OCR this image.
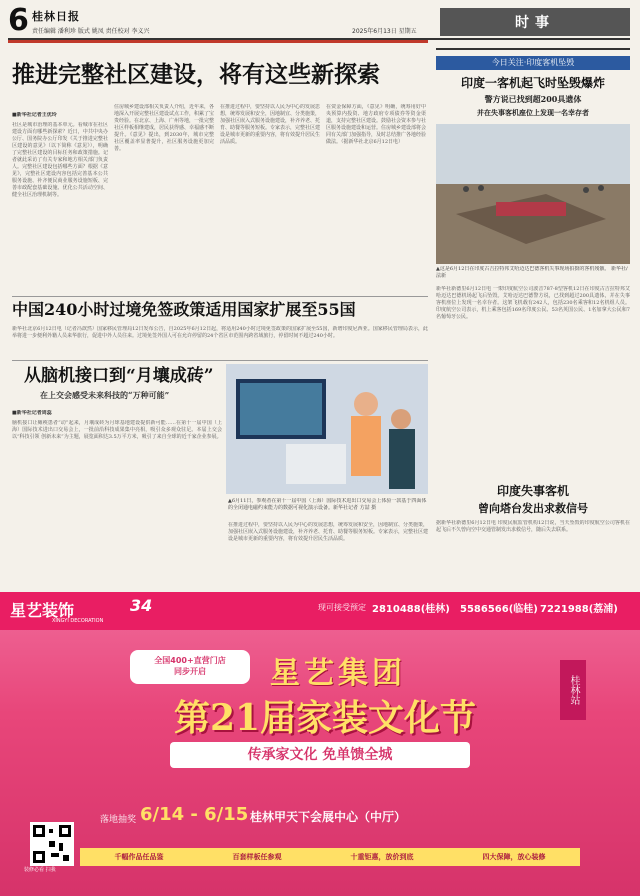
6 桂林日报
责任编辑 潘利珍 版式 姚凤 责任校对 李义兴	2025年6月13日 星期五
时事
推进完整社区建设，将有这些新探索
■新华社记者王优玲
社区是城市治理的基本单元。看城市在社区建设方面有哪些新探索？近日，中共中央办公厅、国务院办公厅印发《关于推进完整社区建设的意见》（以下简称《意见》），明确了完整社区建设的目标任务和政策措施。记者就此采访了有关专家和地方相关部门负责人。完整社区建设包括哪些方面？根据《意见》，完整社区建设内容包括完善基本公共服务设施、补齐便民商业服务设施短板、完善市政配套基础设施、优化公共活动空间、健全社区治理机制等。
住房城乡建设部相关负责人介绍，近年来，各地深入开展完整社区建设试点工作，积累了宝贵经验。在北京、上海、广州等地，一批完整社区样板相继建成，居民获得感、幸福感不断提升。《意见》提出，到2030年，城市完整社区覆盖率显著提升，社区服务设施更加完善。
在推进过程中，要坚持以人民为中心的发展思想，统筹发展和安全，因地制宜、分类施策，加强社区嵌入式服务设施建设，补齐养老、托育、助餐等服务短板。专家表示，完整社区建设是城市更新的重要内容，将有效提升居民生活品质。
在资金保障方面，《意见》明确，统筹用好中央预算内投资、地方政府专项债券等资金渠道，支持完整社区建设。鼓励社会资本参与社区服务设施建设和运营。住房城乡建设部将会同有关部门加强指导，及时总结推广各地经验做法。（据新华社北京6月12日电）
中国240小时过境免签政策适用国家扩展至55国
新华社北京6月12日电（记者冯歆然）国家移民管理局12日发布公告，自2025年6月12日起，将适用240小时过境免签政策的国家扩展至55国，新增印度尼西亚。国家移民管理局表示，此举将进一步便利外籍人员来华旅行，促进中外人员往来。过境免签外国人可在允许停留的24个省区市范围内跨省域旅行，停留时间不超过240小时。
从脑机接口到“月壤成砖”
在上交会感受未来科技的“万种可能”
■新华社记者周蕊
脑机接口让瘫痪患者“动”起来，月壤成砖为月球基地建设提供新可能……在第十一届中国（上海）国际技术进出口交易会上，一批前沿科技成果集中亮相，吸引众多观众驻足。本届上交会以“科技引领 创新未来”为主题，展览面积达3.5万平方米，吸引了来自全球的近千家企业参展。
▲6月11日，参观者在第十一届中国（上海）国际技术进出口交易会上体验一款基于四面体的全闭通电磁约束能力的数据可视化演示设备。新华社记者 方喆 摄
在推进过程中，要坚持以人民为中心的发展思想，统筹发展和安全，因地制宜、分类施策，加强社区嵌入式服务设施建设，补齐养老、托育、助餐等服务短板。专家表示，完整社区建设是城市更新的重要内容，将有效提升居民生活品质。
今日关注·印度客机坠毁
印度一客机起飞时坠毁爆炸
警方说已找到超200具遗体
并在失事客机座位上发现一名幸存者
▲这是6月12日在印度古吉拉特邦艾哈迈达巴德客机失事现场拍摄的客机残骸。 新华社/法新
新华社新德里6月12日电 一架印度航空公司波音787-8型客机12日在印度古吉拉特邦艾哈迈达巴德机场起飞后坠毁。艾哈迈达巴德警方说，已找到超过200具遗体，并在失事客机座位上发现一名幸存者。这架飞机载有242人，包括230名乘客和12名机组人员。印度航空公司表示，机上乘客包括169名印度公民、53名英国公民、1名加拿大公民和7名葡萄牙公民。
印度失事客机
曾向塔台发出求救信号
据新华社新德里6月12日电 印度民航监管机构12日说，当天坠毁的印度航空公司客机在起飞后不久曾向空中交通管制发出求救信号，随后失去联系。
星艺装饰
XINGYI DECORATION
34	现可接受预定 2810488(桂林) 5586566(临桂) 7221988(荔浦)
全国400+直营门店
同步开启	星艺集团
第21届家装文化节
桂林站
传承家文化 免单馈全城
装修必看 扫我
落地抽奖 6/14 - 6/15 桂林甲天下会展中心（中厅）
千幅作品任品鉴	百套样板任参观	十重钜惠，放价到底	四大保障，放心装修
